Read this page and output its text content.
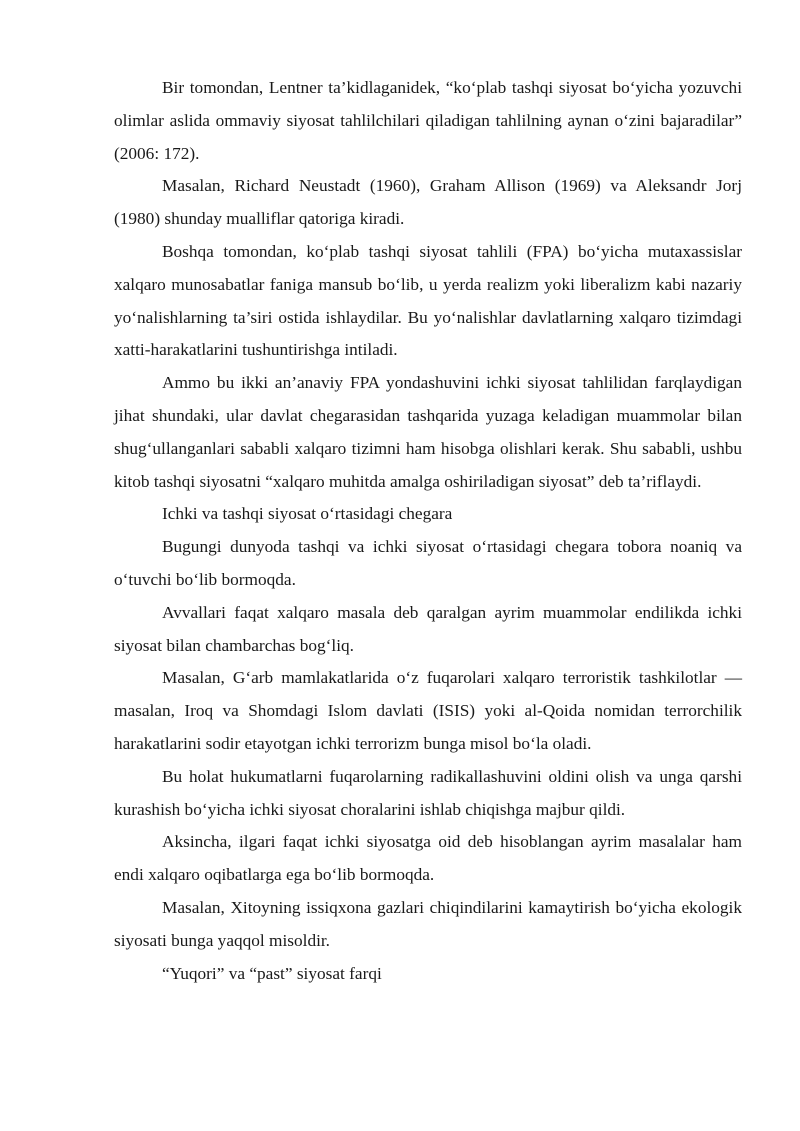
Bir tomondan, Lentner ta’kidlaganidek, “ko‘plab tashqi siyosat bo‘yicha yozuvchi olimlar aslida ommaviy siyosat tahlilchilari qiladigan tahlilning aynan o‘zini bajaradilar” (2006: 172).

Masalan, Richard Neustadt (1960), Graham Allison (1969) va Aleksandr Jorj (1980) shunday mualliflar qatoriga kiradi.

Boshqa tomondan, ko‘plab tashqi siyosat tahlili (FPA) bo‘yicha mutaxassislar xalqaro munosabatlar faniga mansub bo‘lib, u yerda realizm yoki liberalizm kabi nazariy yo‘nalishlarning ta’siri ostida ishlaydilar. Bu yo‘nalishlar davlatlarning xalqaro tizimdagi xatti-harakatlarini tushuntirishga intiladi.

Ammo bu ikki an’anaviy FPA yondashuvini ichki siyosat tahlilidan farqlaydigan jihat shundaki, ular davlat chegarasidan tashqarida yuzaga keladigan muammolar bilan shug‘ullanganlari sababli xalqaro tizimni ham hisobga olishlari kerak. Shu sababli, ushbu kitob tashqi siyosatni “xalqaro muhitda amalga oshiriladigan siyosat” deb ta’riflaydi.

Ichki va tashqi siyosat o‘rtasidagi chegara

Bugungi dunyoda tashqi va ichki siyosat o‘rtasidagi chegara tobora noaniq va o‘tuvchi bo‘lib bormoqda.

Avvallari faqat xalqaro masala deb qaralgan ayrim muammolar endilikda ichki siyosat bilan chambarchas bog‘liq.

Masalan, G‘arb mamlakatlarida o‘z fuqarolari xalqaro terroristik tashkilotlar — masalan, Iroq va Shomdagi Islom davlati (ISIS) yoki al-Qoida nomidan terrorchilik harakatlarini sodir etayotgan ichki terrorizm bunga misol bo‘la oladi.

Bu holat hukumatlarni fuqarolarning radikallashuvini oldini olish va unga qarshi kurashish bo‘yicha ichki siyosat choralarini ishlab chiqishga majbur qildi.

Aksincha, ilgari faqat ichki siyosatga oid deb hisoblangan ayrim masalalar ham endi xalqaro oqibatlarga ega bo‘lib bormoqda.

Masalan, Xitoyning issiqxona gazlari chiqindilarini kamaytirish bo‘yicha ekologik siyosati bunga yaqqol misoldir.

“Yuqori” va “past” siyosat farqi
